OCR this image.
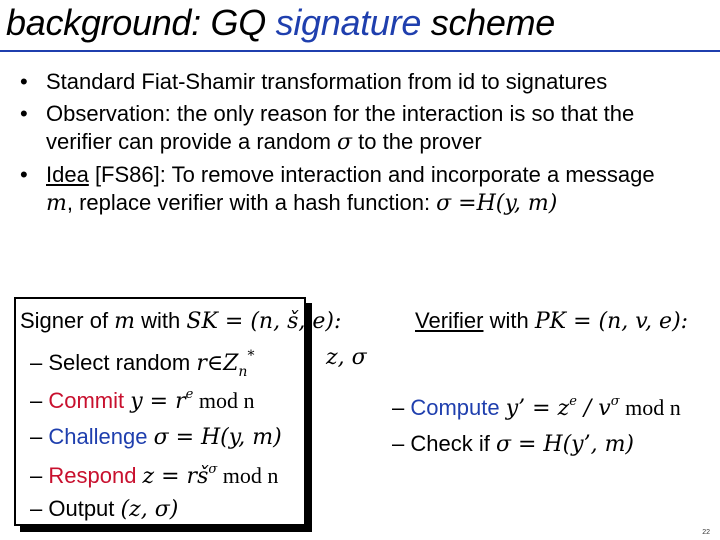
background: GQ signature scheme
• Standard Fiat-Shamir transformation from id to signatures
• Observation: the only reason for the interaction is so that the
verifier can provide a random σ to the prover
• Idea [FS86]: To remove interaction and incorporate a message
m, replace verifier with a hash function: σ =H(y, m)
Signer of m with SK = (n, š, e):
– Select random $r\in Z_n^*$
– Commit $y = r^e$ mod n
– Challenge σ = H(y, m)
– Respond $z = rš^\sigma$ mod n
– Output (z, σ)
z, σ
Verifier with PK = (n, v, e):
– Compute y’ = $z^e / v^\sigma$ mod n
– Check if σ = H(y’, m)
22
